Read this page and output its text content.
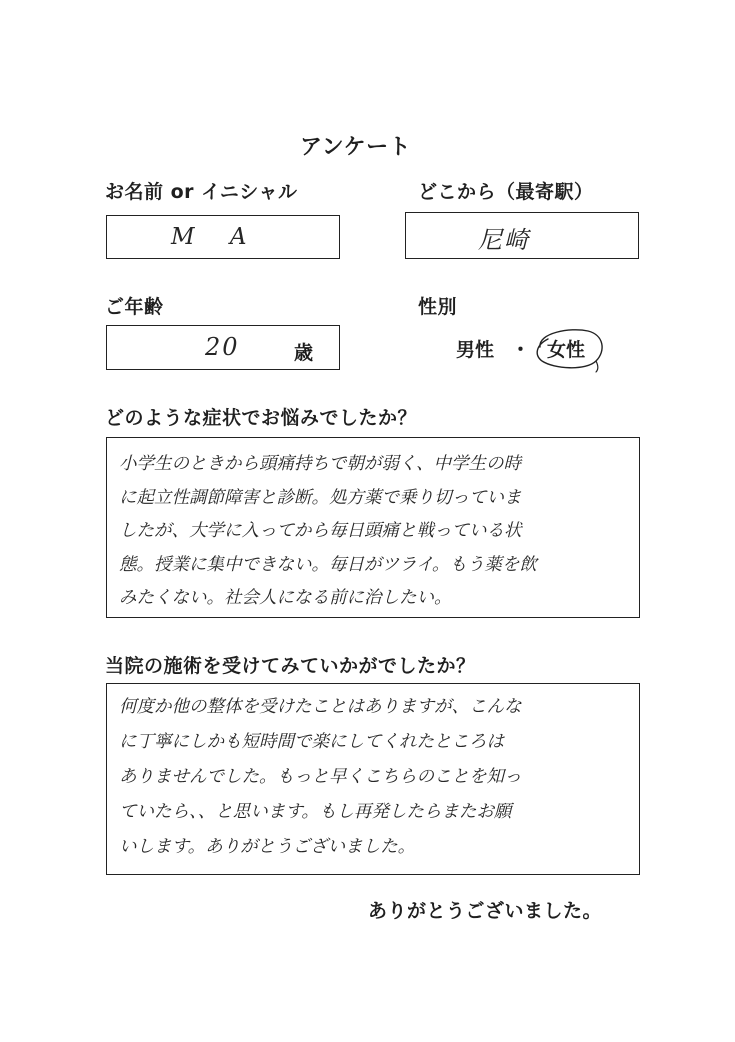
アンケート
お名前 or イニシャル	どこから（最寄駅）
M A	尼崎
ご年齢	性別
20	歳	男性 ・ 女性
どのような症状でお悩みでしたか？
小学生のときから頭痛持ちで朝が弱く、中学生の時
に起立性調節障害と診断。処方薬で乗り切っていま
したが、大学に入ってから毎日頭痛と戦っている状
態。授業に集中できない。毎日がツライ。もう薬を飲
みたくない。社会人になる前に治したい。
当院の施術を受けてみていかがでしたか？
何度か他の整体を受けたことはありますが、こんな
に丁寧にしかも短時間で楽にしてくれたところは
ありませんでした。もっと早くこちらのことを知っ
ていたら、、と思います。もし再発したらまたお願
いします。ありがとうございました。
ありがとうございました。
